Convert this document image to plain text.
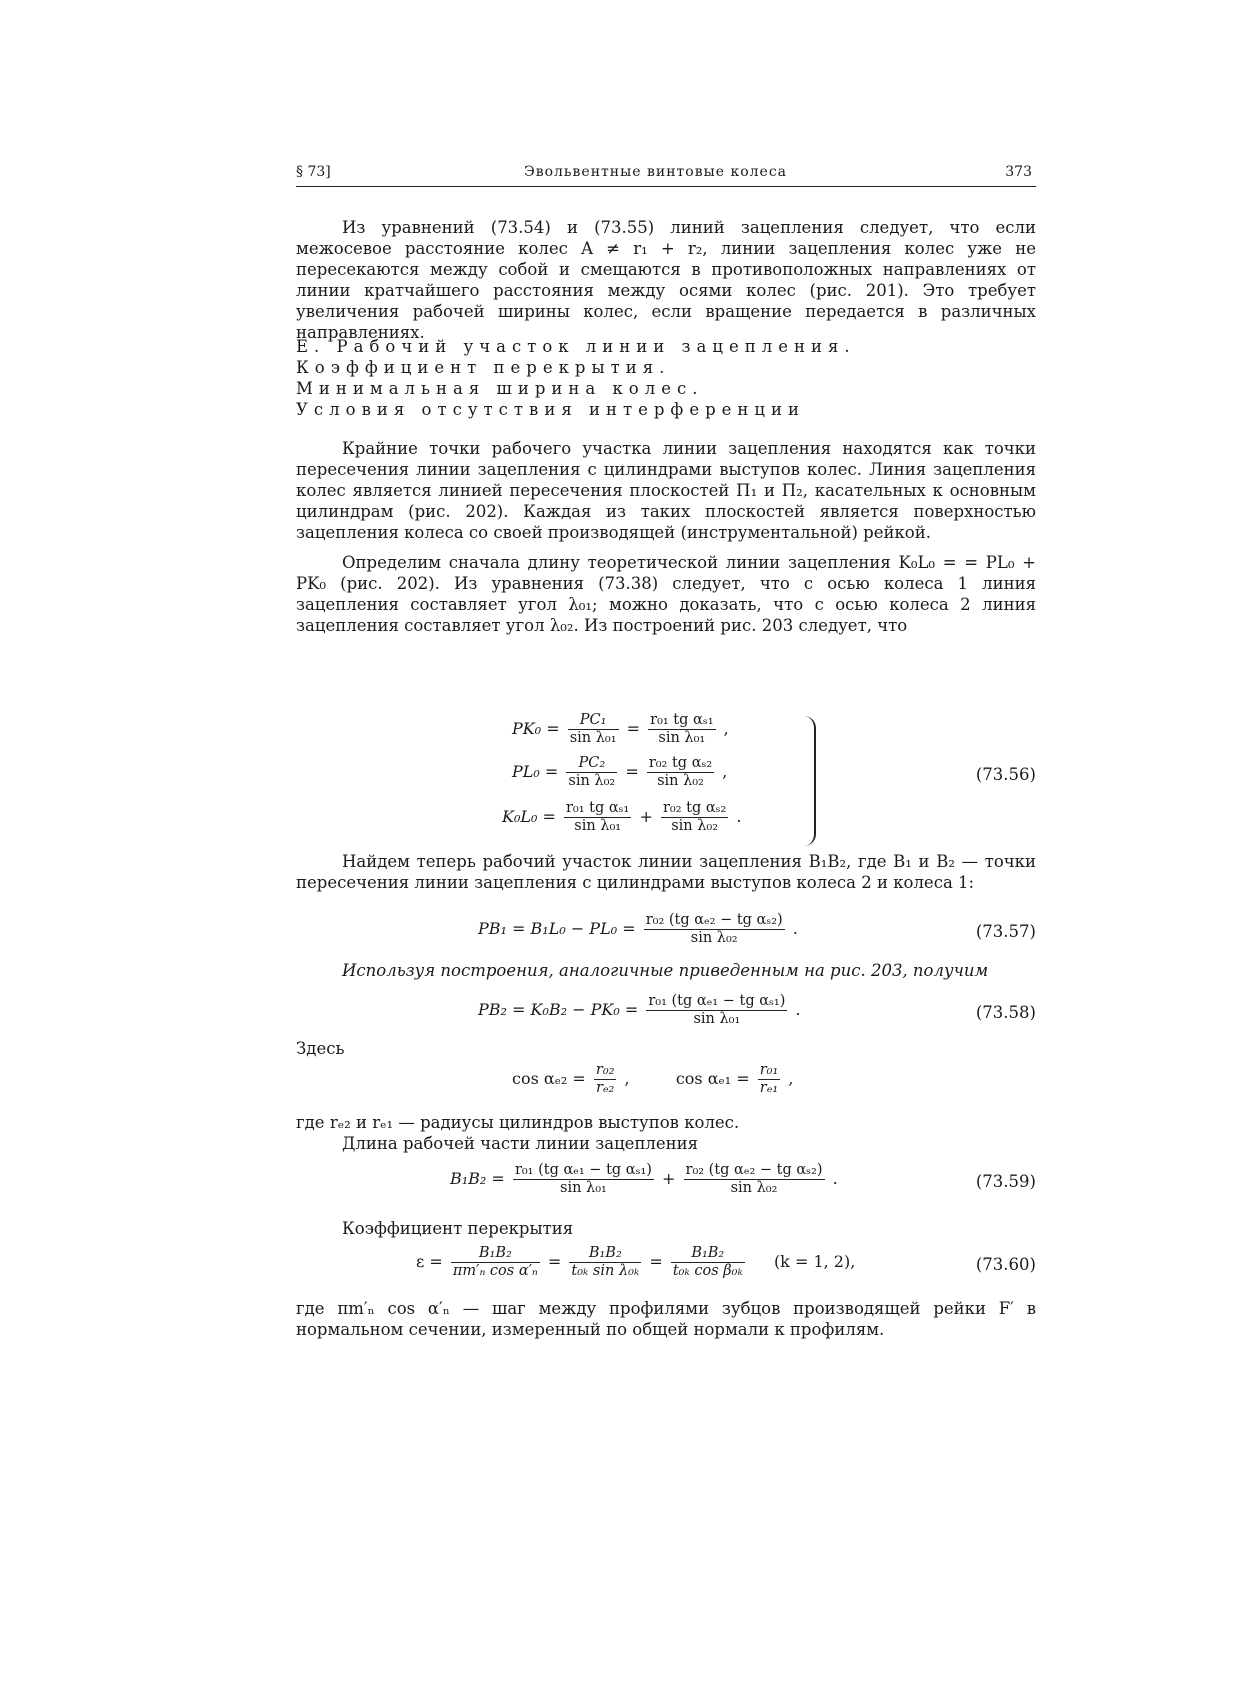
§ 73]	Эвольвентные винтовые колеса	373

Из уравнений (73.54) и (73.55) линий зацепления следует, что если межосевое расстояние колес A ≠ r₁ + r₂, линии зацепления колес уже не пересекаются между собой и смещаются в противоположных направлениях от линии кратчайшего расстояния между осями колес (рис. 201). Это требует увеличения рабочей ширины колес, если вращение передается в различных направлениях.

Е. Рабочий участок линии зацепления.

Коэффициент перекрытия.

Минимальная ширина колес.

Условия отсутствия интерференции

Крайние точки рабочего участка линии зацепления находятся как точки пересечения линии зацепления с цилиндрами выступов колес. Линия зацепления колес является линией пересечения плоскостей Π₁ и Π₂, касательных к основным цилиндрам (рис. 202). Каждая из таких плоскостей является поверхностью зацепления колеса со своей производящей (инструментальной) рейкой.

Определим сначала длину теоретической линии зацепления K₀L₀ = = PL₀ + PK₀ (рис. 202). Из уравнения (73.38) следует, что с осью колеса 1 линия зацепления составляет угол λ₀₁; можно доказать, что с осью колеса 2 линия зацепления составляет угол λ₀₂. Из построений рис. 203 следует, что

$PK_0 = \frac{\text{PC₁}}{\text{sin λ₀₁}} = \frac{\text{r₀₁ tg αₛ₁}}{\text{sin λ₀₁}}$ ,
$PL_0 = \frac{\text{PC₂}}{\text{sin λ₀₂}} = \frac{\text{r₀₂ tg αₛ₂}}{\text{sin λ₀₂}}$ ,
$K_0L_0 = \frac{\text{r₀₁ tg αₛ₁}}{\text{sin λ₀₁}} + \frac{\text{r₀₂ tg αₛ₂}}{\text{sin λ₀₂}}$ .
(73.56)

Найдем теперь рабочий участок линии зацепления B₁B₂, где B₁ и B₂ — точки пересечения линии зацепления с цилиндрами выступов колеса 2 и колеса 1:

$PB_1 = B_1L_0 - PL_0 = \frac{\text{r₀₂ (tg αₑ₂ − tg αₛ₂)}}{\text{sin λ₀₂}}$ .	(73.57)

Используя построения, аналогичные приведенным на рис. 203, получим

$PB_2 = K_0B_2 - PK_0 = \frac{\text{r₀₁ (tg αₑ₁ − tg αₛ₁)}}{\text{sin λ₀₁}}$ .	(73.58)

Здесь

$\cos \alpha_{e2} = \frac{\text{r₀₂}}{\text{rₑ₂}}$ ,	$\cos \alpha_{e1} = \frac{\text{r₀₁}}{\text{rₑ₁}}$ ,

где rₑ₂ и rₑ₁ — радиусы цилиндров выступов колес.

Длина рабочей части линии зацепления

$B_1B_2 = \frac{\text{r₀₁ (tg αₑ₁ − tg αₛ₁)}}{\text{sin λ₀₁}} + \frac{\text{r₀₂ (tg αₑ₂ − tg αₛ₂)}}{\text{sin λ₀₂}}$ .	(73.59)

Коэффициент перекрытия

$\varepsilon = \frac{\text{B₁B₂}}{\text{πm′ₙ cos α′ₙ}} = \frac{\text{B₁B₂}}{\text{t₀ₖ sin λ₀ₖ}} = \frac{\text{B₁B₂}}{\text{t₀ₖ cos β₀ₖ}} (k = 1$, 2),	(73.60)

где πm′ₙ cos α′ₙ — шаг между профилями зубцов производящей рейки F′ в нормальном сечении, измеренный по общей нормали к профилям.
